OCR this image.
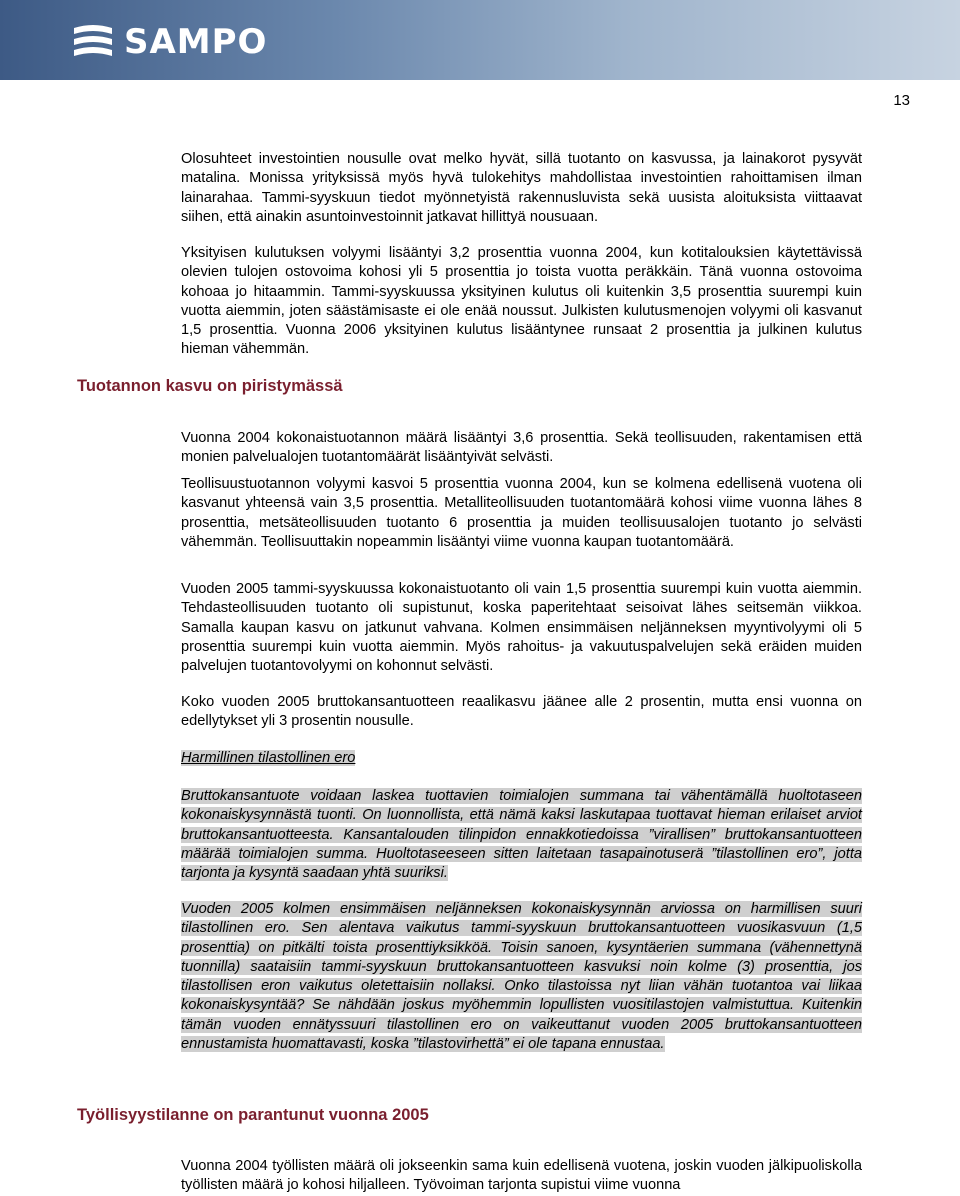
SAMPO
13

Olosuhteet investointien nousulle ovat melko hyvät, sillä tuotanto on kasvussa, ja lainakorot pysyvät matalina. Monissa yrityksissä myös hyvä tulokehitys mahdollistaa investointien rahoittamisen ilman lainarahaa. Tammi-syyskuun tiedot myönnetyistä rakennusluvista sekä uusista aloituksista viittaavat siihen, että ainakin asuntoinvestoinnit jatkavat hillittyä nousuaan.

Yksityisen kulutuksen volyymi lisääntyi 3,2 prosenttia vuonna 2004, kun kotitalouksien käytettävissä olevien tulojen ostovoima kohosi yli 5 prosenttia jo toista vuotta peräkkäin. Tänä vuonna ostovoima kohoaa jo hitaammin. Tammi-syyskuussa yksityinen kulutus oli kuitenkin 3,5 prosenttia suurempi kuin vuotta aiemmin, joten säästämisaste ei ole enää noussut. Julkisten kulutusmenojen volyymi oli kasvanut 1,5 prosenttia. Vuonna 2006 yksityinen kulutus lisääntynee runsaat 2 prosenttia ja julkinen kulutus hieman vähemmän.

Tuotannon kasvu on piristymässä

Vuonna 2004 kokonaistuotannon määrä lisääntyi 3,6 prosenttia. Sekä teollisuuden, rakentamisen että monien palvelualojen tuotantomäärät lisääntyivät selvästi.

Teollisuustuotannon volyymi kasvoi 5 prosenttia vuonna 2004, kun se kolmena edellisenä vuotena oli kasvanut yhteensä vain 3,5 prosenttia. Metalliteollisuuden tuotantomäärä kohosi viime vuonna lähes 8 prosenttia, metsäteollisuuden tuotanto 6 prosenttia ja muiden teollisuusalojen tuotanto jo selvästi vähemmän. Teollisuuttakin nopeammin lisääntyi viime vuonna kaupan tuotantomäärä.

Vuoden 2005 tammi-syyskuussa kokonaistuotanto oli vain 1,5 prosenttia suurempi kuin vuotta aiemmin. Tehdasteollisuuden tuotanto oli supistunut, koska paperitehtaat seisoivat lähes seitsemän viikkoa. Samalla kaupan kasvu on jatkunut vahvana. Kolmen ensimmäisen neljänneksen myyntivolyymi oli 5 prosenttia suurempi kuin vuotta aiemmin. Myös rahoitus- ja vakuutuspalvelujen sekä eräiden muiden palvelujen tuotantovolyymi on kohonnut selvästi.

Koko vuoden 2005 bruttokansantuotteen reaalikasvu jäänee alle 2 prosentin, mutta ensi vuonna on edellytykset yli 3 prosentin nousulle.

Harmillinen tilastollinen ero

Bruttokansantuote voidaan laskea tuottavien toimialojen summana tai vähentämällä huoltotaseen kokonaiskysynnästä tuonti. On luonnollista, että nämä kaksi laskutapaa tuottavat hieman erilaiset arviot bruttokansantuotteesta. Kansantalouden tilinpidon ennakkotiedoissa ”virallisen” bruttokansantuotteen määrää toimialojen summa. Huoltotaseeseen sitten laitetaan tasapainotuserä ”tilastollinen ero”, jotta tarjonta ja kysyntä saadaan yhtä suuriksi.

Vuoden 2005 kolmen ensimmäisen neljänneksen kokonaiskysynnän arviossa on harmillisen suuri tilastollinen ero. Sen alentava vaikutus tammi-syyskuun bruttokansantuotteen vuosikasvuun (1,5 prosenttia) on pitkälti toista prosenttiyksikköä. Toisin sanoen, kysyntäerien summana (vähennettynä tuonnilla) saataisiin tammi-syyskuun bruttokansantuotteen kasvuksi noin kolme (3) prosenttia, jos tilastollisen eron vaikutus oletettaisiin nollaksi. Onko tilastoissa nyt liian vähän tuotantoa vai liikaa kokonaiskysyntää? Se nähdään joskus myöhemmin lopullisten vuositilastojen valmistuttua. Kuitenkin tämän vuoden ennätyssuuri tilastollinen ero on vaikeuttanut vuoden 2005 bruttokansantuotteen ennustamista huomattavasti, koska ”tilastovirhettä” ei ole tapana ennustaa.

Työllisyystilanne on parantunut vuonna 2005

Vuonna 2004 työllisten määrä oli jokseenkin sama kuin edellisenä vuotena, joskin vuoden jälkipuoliskolla työllisten määrä jo kohosi hiljalleen. Työvoiman tarjonta supistui viime vuonna
